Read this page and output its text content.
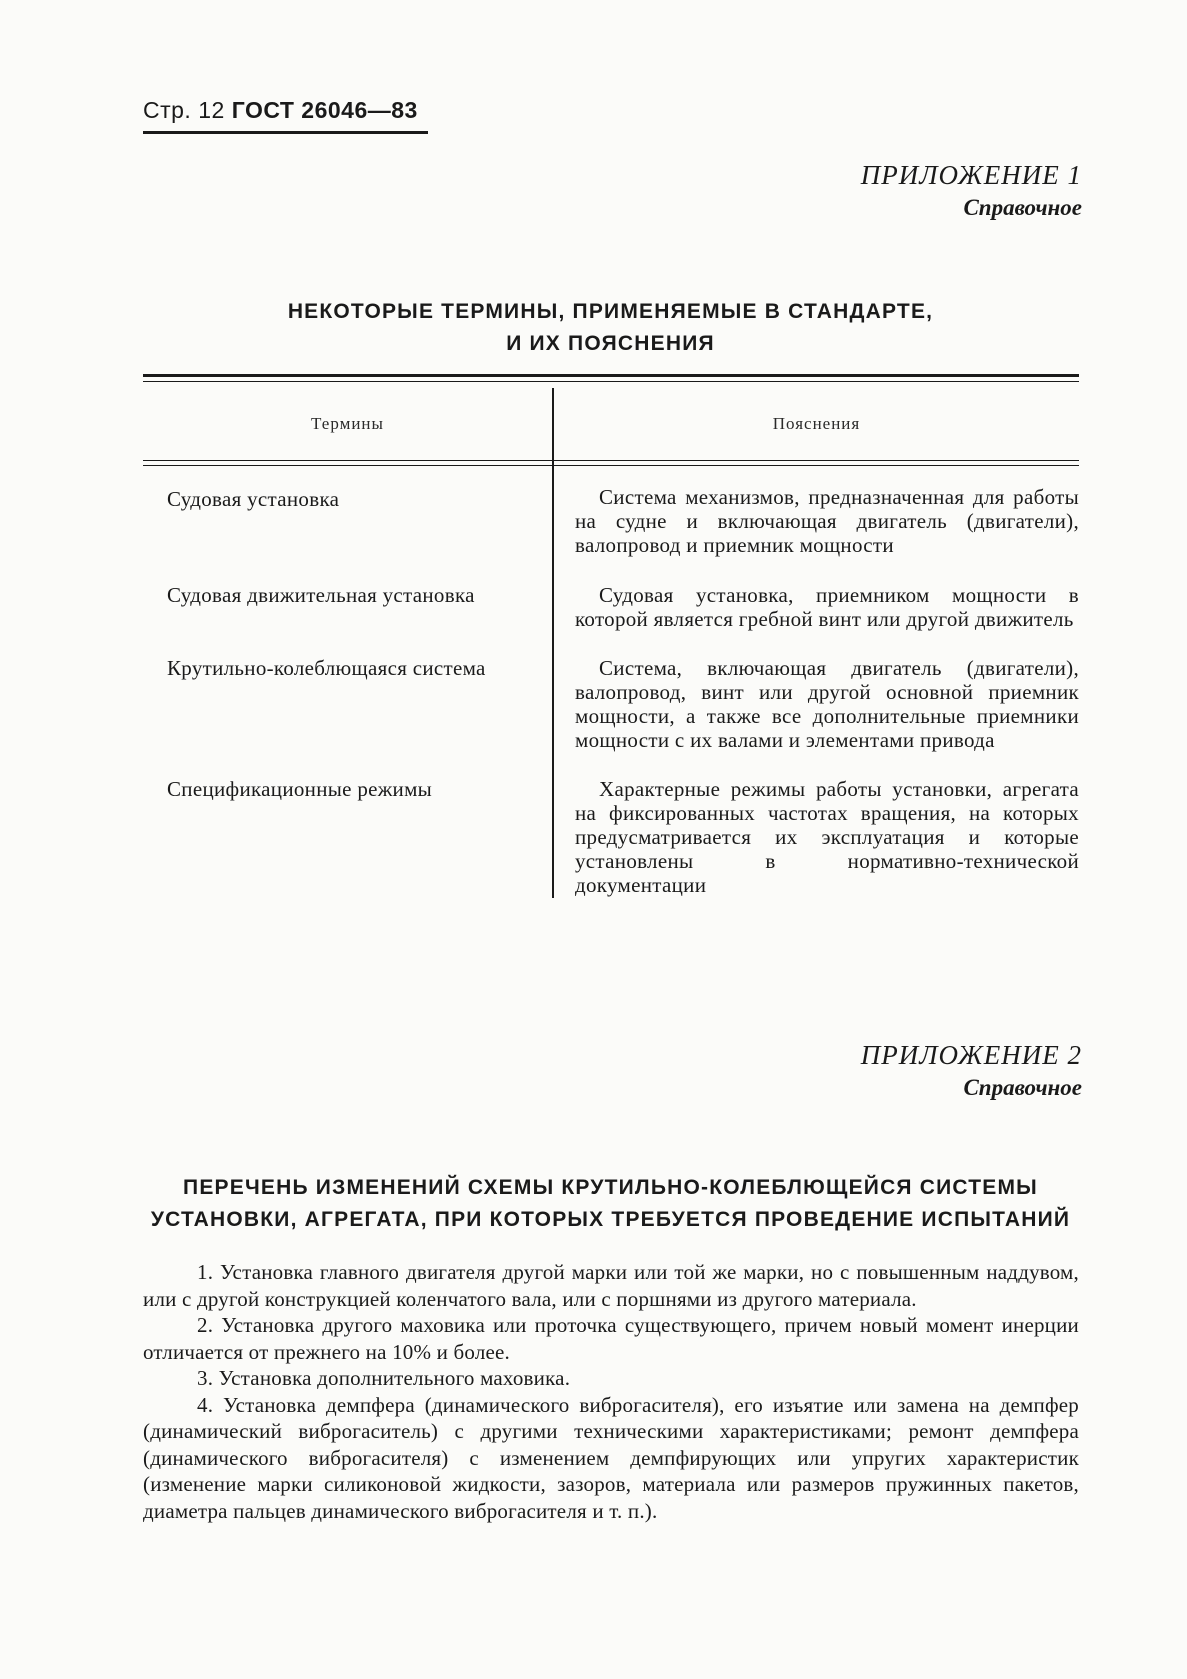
Стр. 12 ГОСТ 26046—83
ПРИЛОЖЕНИЕ 1
Справочное
НЕКОТОРЫЕ ТЕРМИНЫ, ПРИМЕНЯЕМЫЕ В СТАНДАРТЕ,
И ИХ ПОЯСНЕНИЯ
Термины	Пояснения
Судовая установка	Система механизмов, предназначенная для работы на судне и включающая двигатель (двигатели), валопровод и приемник мощности
Судовая движительная установка	Судовая установка, приемником мощности в которой является гребной винт или другой движитель
Крутильно-колеблющаяся система	Система, включающая двигатель (двигатели), валопровод, винт или другой основной приемник мощности, а также все дополнительные приемники мощности с их валами и элементами привода
Спецификационные режимы	Характерные режимы работы установки, агрегата на фиксированных частотах вращения, на которых предусматривается их эксплуатация и которые установлены в нормативно-технической документации
ПРИЛОЖЕНИЕ 2
Справочное
ПЕРЕЧЕНЬ ИЗМЕНЕНИЙ СХЕМЫ КРУТИЛЬНО-КОЛЕБЛЮЩЕЙСЯ СИСТЕМЫ
УСТАНОВКИ, АГРЕГАТА, ПРИ КОТОРЫХ ТРЕБУЕТСЯ ПРОВЕДЕНИЕ ИСПЫТАНИЙ

1. Установка главного двигателя другой марки или той же марки, но с повышенным наддувом, или с другой конструкцией коленчатого вала, или с поршнями из другого материала.

2. Установка другого маховика или проточка существующего, причем новый момент инерции отличается от прежнего на 10% и более.

3. Установка дополнительного маховика.

4. Установка демпфера (динамического виброгасителя), его изъятие или замена на демпфер (динамический виброгаситель) с другими техническими характеристиками; ремонт демпфера (динамического виброгасителя) с изменением демпфирующих или упругих характеристик (изменение марки силиконовой жидкости, зазоров, материала или размеров пружинных пакетов, диаметра пальцев динамического виброгасителя и т. п.).
